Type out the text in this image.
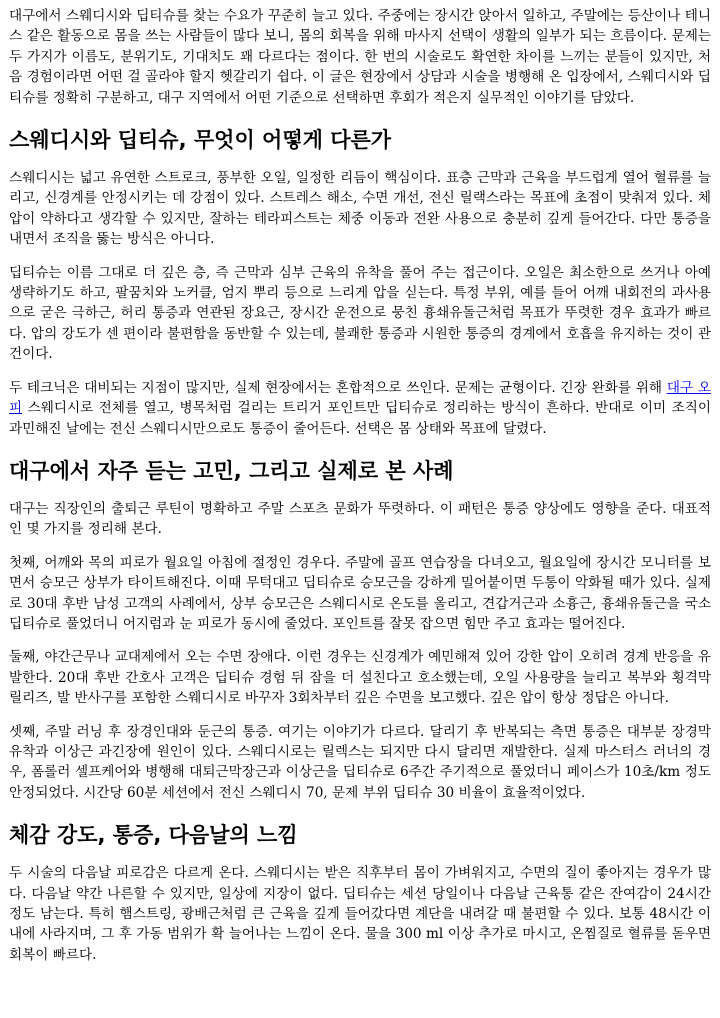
대구에서 스웨디시와 딥티슈를 찾는 수요가 꾸준히 늘고 있다. 주중에는 장시간 앉아서 일하고, 주말에는 등산이나 테니스 같은 활동으로 몸을 쓰는 사람들이 많다 보니, 몸의 회복을 위해 마사지 선택이 생활의 일부가 되는 흐름이다. 문제는 두 가지가 이름도, 분위기도, 기대치도 꽤 다르다는 점이다. 한 번의 시술로도 확연한 차이를 느끼는 분들이 있지만, 처음 경험이라면 어떤 걸 골라야 할지 헷갈리기 쉽다. 이 글은 현장에서 상담과 시술을 병행해 온 입장에서, 스웨디시와 딥티슈를 정확히 구분하고, 대구 지역에서 어떤 기준으로 선택하면 후회가 적은지 실무적인 이야기를 담았다.

스웨디시와 딥티슈, 무엇이 어떻게 다른가

스웨디시는 넓고 유연한 스트로크, 풍부한 오일, 일정한 리듬이 핵심이다. 표층 근막과 근육을 부드럽게 열어 혈류를 늘리고, 신경계를 안정시키는 데 강점이 있다. 스트레스 해소, 수면 개선, 전신 릴랙스라는 목표에 초점이 맞춰져 있다. 체압이 약하다고 생각할 수 있지만, 잘하는 테라피스트는 체중 이동과 전완 사용으로 충분히 깊게 들어간다. 다만 통증을 내면서 조직을 뚫는 방식은 아니다.

딥티슈는 이름 그대로 더 깊은 층, 즉 근막과 심부 근육의 유착을 풀어 주는 접근이다. 오일은 최소한으로 쓰거나 아예 생략하기도 하고, 팔꿈치와 노커클, 엄지 뿌리 등으로 느리게 압을 싣는다. 특정 부위, 예를 들어 어깨 내회전의 과사용으로 굳은 극하근, 허리 통증과 연관된 장요근, 장시간 운전으로 뭉친 흉쇄유돌근처럼 목표가 뚜렷한 경우 효과가 빠르다. 압의 강도가 센 편이라 불편함을 동반할 수 있는데, 불쾌한 통증과 시원한 통증의 경계에서 호흡을 유지하는 것이 관건이다.

두 테크닉은 대비되는 지점이 많지만, 실제 현장에서는 혼합적으로 쓰인다. 문제는 균형이다. 긴장 완화를 위해 대구 오피 스웨디시로 전체를 열고, 병목처럼 걸리는 트리거 포인트만 딥티슈로 정리하는 방식이 흔하다. 반대로 이미 조직이 과민해진 날에는 전신 스웨디시만으로도 통증이 줄어든다. 선택은 몸 상태와 목표에 달렸다.

대구에서 자주 듣는 고민, 그리고 실제로 본 사례

대구는 직장인의 출퇴근 루틴이 명확하고 주말 스포츠 문화가 뚜렷하다. 이 패턴은 통증 양상에도 영향을 준다. 대표적인 몇 가지를 정리해 본다.

첫째, 어깨와 목의 피로가 월요일 아침에 절정인 경우다. 주말에 골프 연습장을 다녀오고, 월요일에 장시간 모니터를 보면서 승모근 상부가 타이트해진다. 이때 무턱대고 딥티슈로 승모근을 강하게 밀어붙이면 두통이 악화될 때가 있다. 실제로 30대 후반 남성 고객의 사례에서, 상부 승모근은 스웨디시로 온도를 올리고, 견갑거근과 소흉근, 흉쇄유돌근을 국소 딥티슈로 풀었더니 어지럼과 눈 피로가 동시에 줄었다. 포인트를 잘못 잡으면 힘만 주고 효과는 떨어진다.

둘째, 야간근무나 교대제에서 오는 수면 장애다. 이런 경우는 신경계가 예민해져 있어 강한 압이 오히려 경계 반응을 유발한다. 20대 후반 간호사 고객은 딥티슈 경험 뒤 잠을 더 설친다고 호소했는데, 오일 사용량을 늘리고 복부와 횡격막 릴리즈, 발 반사구를 포함한 스웨디시로 바꾸자 3회차부터 깊은 수면을 보고했다. 깊은 압이 항상 정답은 아니다.

셋째, 주말 러닝 후 장경인대와 둔근의 통증. 여기는 이야기가 다르다. 달리기 후 반복되는 측면 통증은 대부분 장경막 유착과 이상근 과긴장에 원인이 있다. 스웨디시로는 릴렉스는 되지만 다시 달리면 재발한다. 실제 마스터스 러너의 경우, 폼롤러 셀프케어와 병행해 대퇴근막장근과 이상근을 딥티슈로 6주간 주기적으로 풀었더니 페이스가 10초/km 정도 안정되었다. 시간당 60분 세션에서 전신 스웨디시 70, 문제 부위 딥티슈 30 비율이 효율적이었다.

체감 강도, 통증, 다음날의 느낌

두 시술의 다음날 피로감은 다르게 온다. 스웨디시는 받은 직후부터 몸이 가벼워지고, 수면의 질이 좋아지는 경우가 많다. 다음날 약간 나른할 수 있지만, 일상에 지장이 없다. 딥티슈는 세션 당일이나 다음날 근육통 같은 잔여감이 24시간 정도 남는다. 특히 햄스트링, 광배근처럼 큰 근육을 깊게 들어갔다면 계단을 내려갈 때 불편할 수 있다. 보통 48시간 이내에 사라지며, 그 후 가동 범위가 확 늘어나는 느낌이 온다. 물을 300 ml 이상 추가로 마시고, 온찜질로 혈류를 돋우면 회복이 빠르다.
